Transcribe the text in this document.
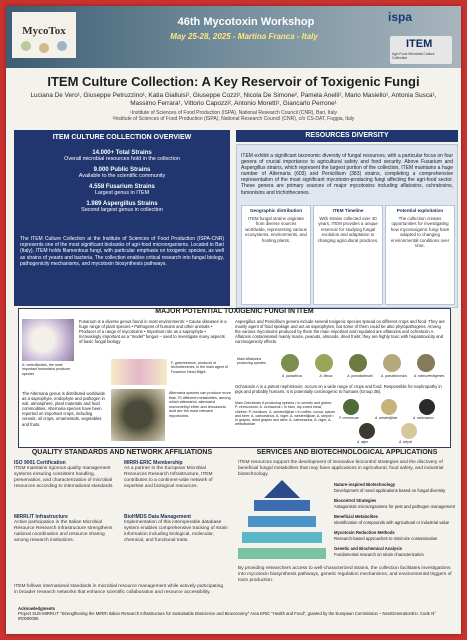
MycoTox
46th Mycotoxin Workshop
May 25-28, 2025 - Martina Franca - Italy
ispa
ITEM
Agri-Food Microbial Culture Collection
ITEM Culture Collection: A Key Reservoir of Toxigenic Fungi
Luciana De Vero¹, Giuseppe Petruzzino¹, Katia Gialluisi¹, Giuseppe Cozzi¹, Nicola De Simone², Pamela Anelli¹, Mario Masiello¹, Antonia Susca¹, Massimo Ferrara¹, Vittorio Capozzi², Antonio Moretti¹, Giancarlo Perrone¹
¹Institute of Sciences of Food Production (ISPA), National Research Council (CNR), Bari, Italy
²Institute of Sciences of Food Production (ISPA), National Research Council (CNR), c/o CS-DAT, Foggia, Italy
ITEM CULTURE COLLECTION OVERVIEW
14.000+ Total Strains
Overall microbial resources hold in the collection
9.000 Public Strains
Available to the scientific community
4.558 Fusarium Strains
Largest genus in ITEM
1.989 Aspergillus Strains
Second largest genus in collection
The ITEM Culture Collection at the Institute of Sciences of Food Production (ISPA-CNR) represents one of the most significant biobanks of agri-food microorganisms. Located in Bari (Italy), ITEM holds filamentous fungi, with particular emphasis on toxigenic species, as well as strains of yeasts and bacteria. The collection enables critical research into fungal biology, pathogenicity mechanisms, and mycotoxin biosynthesis pathways.
RESOURCES DIVERSITY
ITEM exhibit a significant taxonomic diversity of fungal resources, with a particular focus on four genera of crucial importance to agricultural safety and food security. Above Fusarium and Aspergillus strains, which represent the largest portion of the collection, ITEM maintains a huge number of Alternaria (603) and Penicillium (383) strains, completing a comprehensive representation of the most significant mycotoxin-producing fungi affecting the agri-food sector. These genera are primary sources of major mycotoxins including aflatoxins, ochratoxins, fumonisins and trichothecenes.
Geographic distribution
ITEM fungal strains originate from diverse sources worldwide, representing various ecosystems, environments, and hosting plants.
ITEM Timeline
With strains collected over 40 years, ITEM provides a unique reservoir for studying fungal evolution and adaptation to changing agricultural practices.
Potential exploitation
The collection creates opportunities for investigating how mycotoxigenic fungi have adapted to changing environmental conditions over time.
MAJOR POTENTIAL TOXIGENIC FUNGI IN ITEM
Fusarium is a diverse genus found in most environments: • Cause diseases in a huge range of plant species • Pathogens of humans and other animals • Producer of a range of mycotoxins • Important role as a saprophyte • Increasingly important as a "model" fungus – used to investigate many aspects of basic fungal biology
A. verticillioides, the most important fumonisins producer species
F. graminearum, producer of trichothecenes, is the main agent of Fusarium Head Blight
The Alternaria genus is distributed worldwide as a saprophyte, endophyte and pathogen in soil, atmosphere, plant materials and food commodities. Alternaria species have been reported on important crops, including cereals, oil crops, ornamentals, vegetables and fruits.
Alternaria species can produce more than 70 different metabolites, among which alternariol, alternariol monomethyl ether and tenuazonic acid are the most relevant mycotoxins.
Aspergillus and Penicillium genera include several toxigenic species spread on different crops and food. They are mainly agent of food spoilage and act as saprophytes, but some of them could be also phytopathogens. Among the various mycotoxins produced by them the main important and regulated are aflatoxins and ochratoxin A. Aflatoxin contaminated mainly maize, peanuts, almonds, dried fruits; they are highly toxic with hepatotoxicity and carcinogenicity effects.
Main Aflatoxins producing species
A. parasiticus	A. flavus	A. pseudotamarii	A. pseudonomius	A. minisclerotigenes
Ochratoxin A is a potent nephrotoxin; occurs on a wide range of crops and food. Responsible for nephropathy in pigs and probably humans. It is potentially carcinogenic to humans (Group 2B).
Main Ochratoxin A producing species • In cereals and grains: P. verrucosum, A. ochraceus • In ham, dry-cured meat, cheese: P. nordicum, A. westerdijkiae • In coffee, cocoa, spices and beer: A. carbonarius, A. niger, A. westerdijkiae, A. steynii • In grapes, dried grapes and wine: A. carbonarius, A. niger, A. welwitschiae
P. verrucosum	A. westerdijkiae	A. carbonarius
A. niger	A. steynii
QUALITY STANDARDS AND NETWORK AFFILIATIONS
ISO 9001 Certification
ITEM maintains rigorous quality management systems ensuring consistent handling, preservation, and characterization of microbial resources according to international standards.
MIRRI-ERIC Membership
As a partner in the European Microbial Resources Research Infrastructure, ITEM contributes to a continent-wide network of expertise and biological resources.
MIRRI.IT Infrastructure
Active participation in the Italian Microbial Resource Research Infrastructure strengthens national coordination and resource sharing among research institutions.
BioHMDS Data Management
Implementation of this interoperable database system enables comprehensive tracking of strain information including biological, molecular, chemical, and functional traits.
ITEM follows international standards in microbial resource management while actively participating in broader research networks that enhance scientific collaboration and resource accessibility.
SERVICES AND BIOTECHNOLOGICAL APPLICATIONS
ITEM resources support the development of innovative biocontrol strategies and the discovery of beneficial fungal metabolites that may have applications in agricultural, food safety, and industrial biotechnology.
Nature-inspired Biotechnology
Development of novel applications based on fungal diversity
Biocontrol Strategies
Antagonistic microorganisms for pest and pathogen management
Beneficial Metabolites
Identification of compounds with agricultural or industrial value
Mycotoxin Reduction Methods
Research-based approaches to minimize contamination
Genetic and Biochemical Analysis
Fundamental research on strain characterization
By providing researchers access to well-characterized strains, the collection facilitates investigations into mycotoxin biosynthesis pathways, genetic regulation mechanisms, and environmental triggers of toxin production.
Acknowledgments
Project SUS-MIRRI.IT "Strengthening the MIRRI Italian Research Infrastructure for Sustainable Bioscience and Bioeconomy" Area ERIC "Health and Food", granted by the European Commission – NextGenerationEU. Code N° IR0000005
